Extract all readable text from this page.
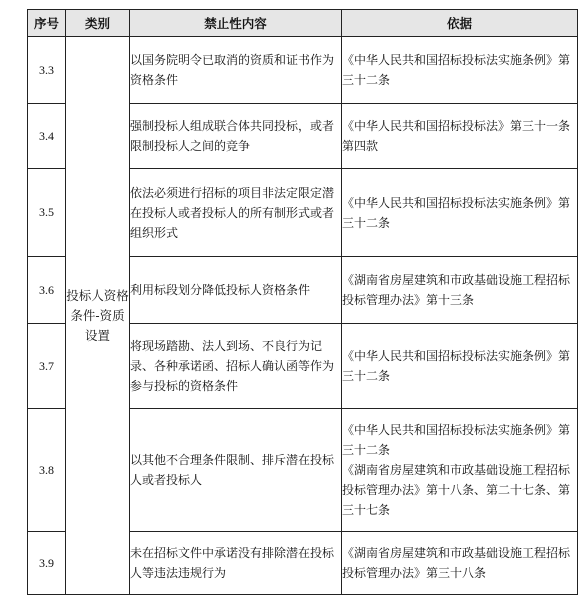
序号	类别	禁止性内容	依据
3.3	投标人资格条件-资质设置	以国务院明令已取消的资质和证书作为资格条件	《中华人民共和国招标投标法实施条例》第三十二条

3.4		强制投标人组成联合体共同投标，或者限制投标人之间的竞争	《中华人民共和国招标投标法》第三十一条第四款

3.5		依法必须进行招标的项目非法定限定潜在投标人或者投标人的所有制形式或者组织形式	《中华人民共和国招标投标法实施条例》第三十二条

3.6		利用标段划分降低投标人资格条件	《湖南省房屋建筑和市政基础设施工程招标投标管理办法》第十三条

3.7		将现场踏勘、法人到场、不良行为记录、各种承诺函、招标人确认函等作为参与投标的资格条件	《中华人民共和国招标投标法实施条例》第三十二条

3.8		以其他不合理条件限制、排斥潜在投标人或者投标人	《中华人民共和国招标投标法实施条例》第三十二条
《湖南省房屋建筑和市政基础设施工程招标投标管理办法》第十八条、第二十七条、第三十七条

3.9		未在招标文件中承诺没有排除潜在投标人等违法违规行为	《湖南省房屋建筑和市政基础设施工程招标投标管理办法》第三十八条
